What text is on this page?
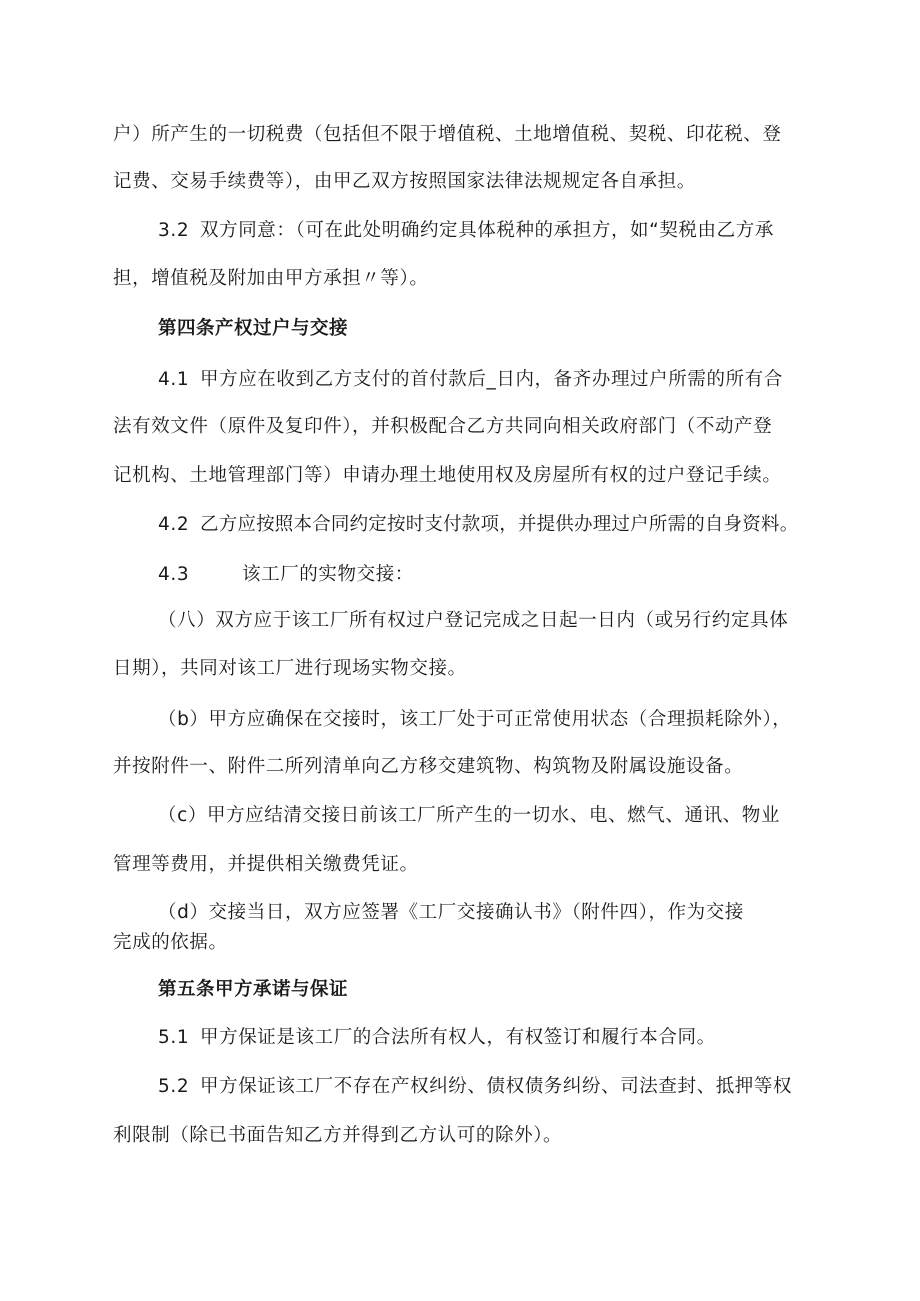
户）所产生的一切税费（包括但不限于增值税、土地增值税、契税、印花税、登
记费、交易手续费等），由甲乙双方按照国家法律法规规定各自承担。
3.2 双方同意：（可在此处明确约定具体税种的承担方，如“契税由乙方承
担，增值税及附加由甲方承担〃等）。
第四条产权过户与交接
4.1 甲方应在收到乙方支付的首付款后_日内，备齐办理过户所需的所有合
法有效文件（原件及复印件），并积极配合乙方共同向相关政府部门（不动产登
记机构、土地管理部门等）申请办理土地使用权及房屋所有权的过户登记手续。
4.2 乙方应按照本合同约定按时支付款项，并提供办理过户所需的自身资料。
4.3	该工厂的实物交接：
（八）双方应于该工厂所有权过户登记完成之日起一日内（或另行约定具体
日期），共同对该工厂进行现场实物交接。
（b）甲方应确保在交接时，该工厂处于可正常使用状态（合理损耗除外），
并按附件一、附件二所列清单向乙方移交建筑物、构筑物及附属设施设备。
（c）甲方应结清交接日前该工厂所产生的一切水、电、燃气、通讯、物业
管理等费用，并提供相关缴费凭证。
（d）交接当日，双方应签署《工厂交接确认书》（附件四），作为交接
完成的依据。
第五条甲方承诺与保证
5.1 甲方保证是该工厂的合法所有权人，有权签订和履行本合同。
5.2 甲方保证该工厂不存在产权纠纷、债权债务纠纷、司法查封、抵押等权
利限制（除已书面告知乙方并得到乙方认可的除外）。
